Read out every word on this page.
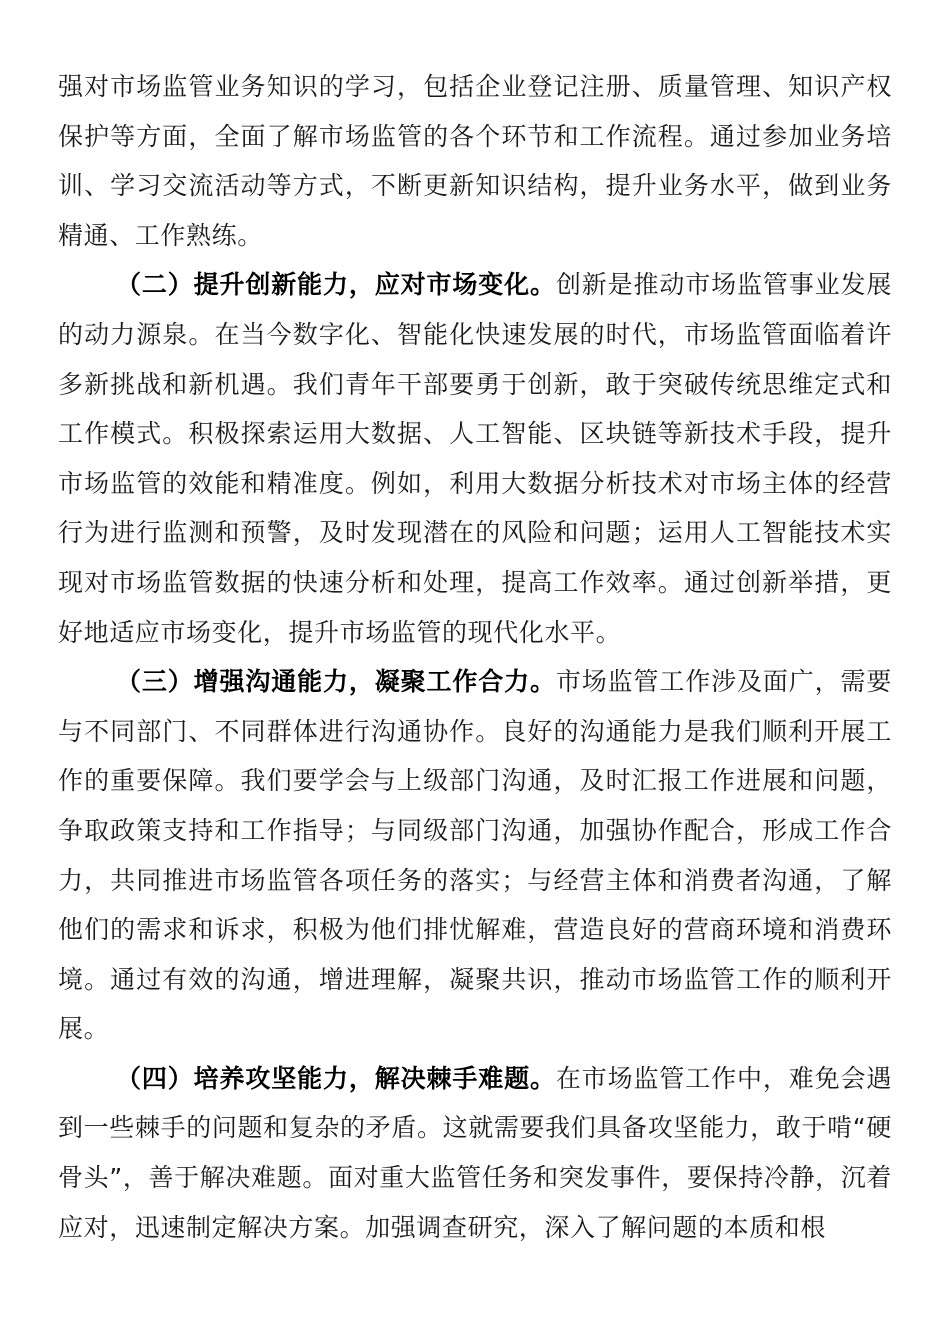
强对市场监管业务知识的学习，包括企业登记注册、质量管理、知识产权保护等方面，全面了解市场监管的各个环节和工作流程。通过参加业务培训、学习交流活动等方式，不断更新知识结构，提升业务水平，做到业务精通、工作熟练。

（二）提升创新能力，应对市场变化。创新是推动市场监管事业发展的动力源泉。在当今数字化、智能化快速发展的时代，市场监管面临着许多新挑战和新机遇。我们青年干部要勇于创新，敢于突破传统思维定式和工作模式。积极探索运用大数据、人工智能、区块链等新技术手段，提升市场监管的效能和精准度。例如，利用大数据分析技术对市场主体的经营行为进行监测和预警，及时发现潜在的风险和问题；运用人工智能技术实现对市场监管数据的快速分析和处理，提高工作效率。通过创新举措，更好地适应市场变化，提升市场监管的现代化水平。

（三）增强沟通能力，凝聚工作合力。市场监管工作涉及面广，需要与不同部门、不同群体进行沟通协作。良好的沟通能力是我们顺利开展工作的重要保障。我们要学会与上级部门沟通，及时汇报工作进展和问题，争取政策支持和工作指导；与同级部门沟通，加强协作配合，形成工作合力，共同推进市场监管各项任务的落实；与经营主体和消费者沟通，了解他们的需求和诉求，积极为他们排忧解难，营造良好的营商环境和消费环境。通过有效的沟通，增进理解，凝聚共识，推动市场监管工作的顺利开展。

（四）培养攻坚能力，解决棘手难题。在市场监管工作中，难免会遇到一些棘手的问题和复杂的矛盾。这就需要我们具备攻坚能力，敢于啃“硬骨头”，善于解决难题。面对重大监管任务和突发事件，要保持冷静，沉着应对，迅速制定解决方案。加强调查研究，深入了解问题的本质和根
